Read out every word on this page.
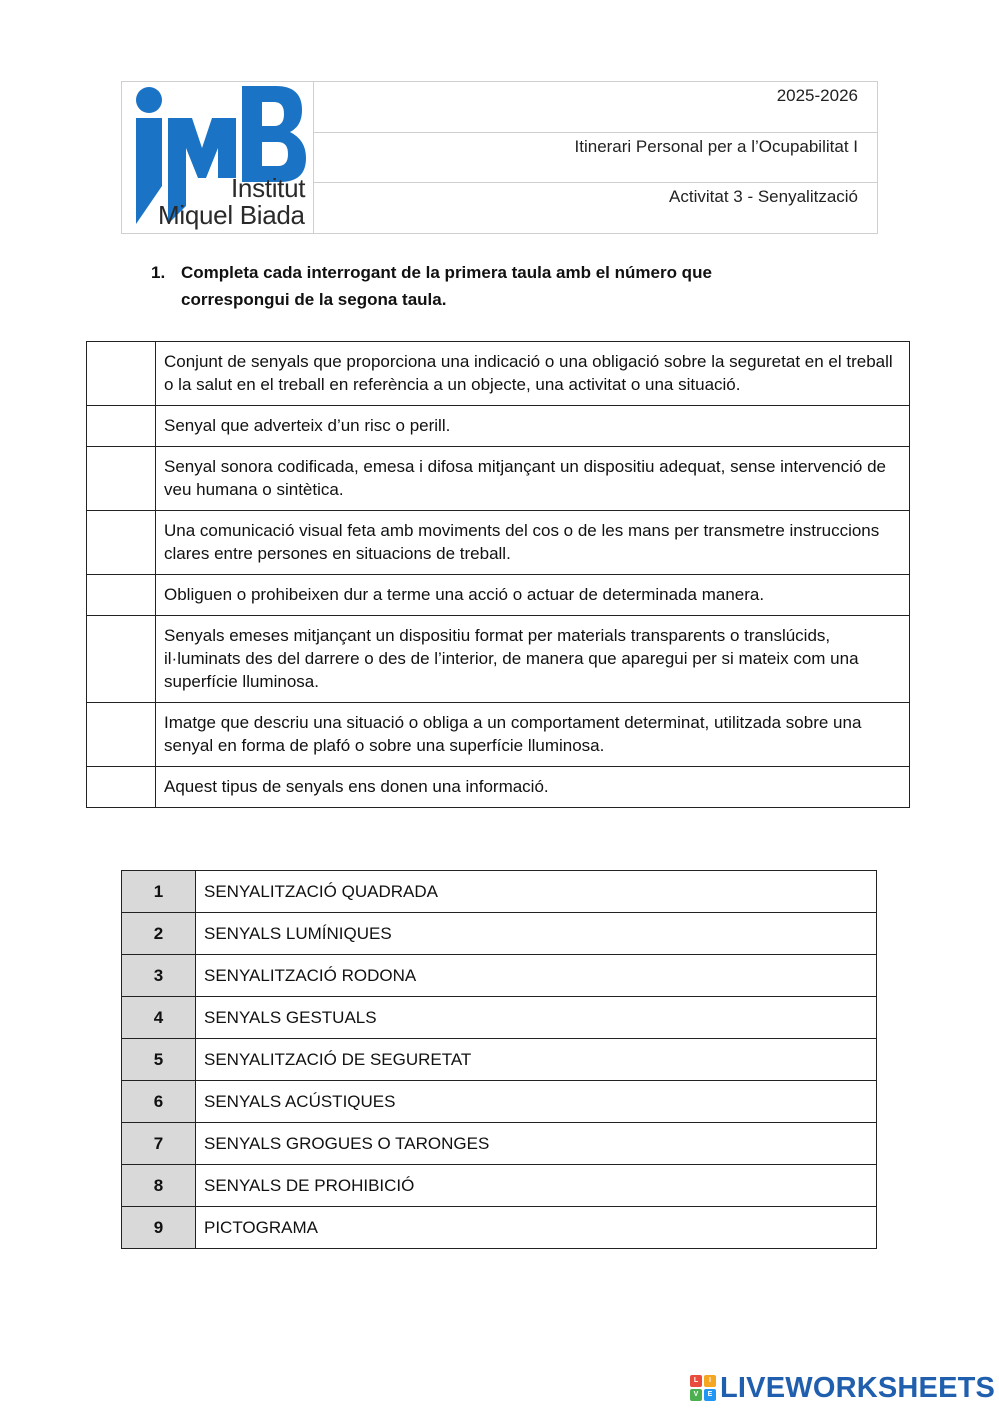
Institut
Miquel Biada
2025-2026
Itinerari Personal per a l’Ocupabilitat I
Activitat 3 - Senyalització
1. Completa cada interrogant de la primera taula amb el número que correspongui de la segona taula.
	Conjunt de senyals que proporciona una indicació o una obligació sobre la seguretat en el treball o la salut en el treball en referència a un objecte, una activitat o una situació.
	Senyal que adverteix d’un risc o perill.
	Senyal sonora codificada, emesa i difosa mitjançant un dispositiu adequat, sense intervenció de veu humana o sintètica.
	Una comunicació visual feta amb moviments del cos o de les mans per transmetre instruccions clares entre persones en situacions de treball.
	Obliguen o prohibeixen dur a terme una acció o actuar de determinada manera.
	Senyals emeses mitjançant un dispositiu format per materials transparents o translúcids, il·luminats des del darrere o des de l’interior, de manera que aparegui per si mateix com una superfície lluminosa.
	Imatge que descriu una situació o obliga a un comportament determinat, utilitzada sobre una senyal en forma de plafó o sobre una superfície lluminosa.
	Aquest tipus de senyals ens donen una informació.
1	SENYALITZACIÓ QUADRADA
2	SENYALS LUMÍNIQUES
3	SENYALITZACIÓ RODONA
4	SENYALS GESTUALS
5	SENYALITZACIÓ DE SEGURETAT
6	SENYALS ACÚSTIQUES
7	SENYALS GROGUES O TARONGES
8	SENYALS DE PROHIBICIÓ
9	PICTOGRAMA
L	I
V	E LIVEWORKSHEETS
